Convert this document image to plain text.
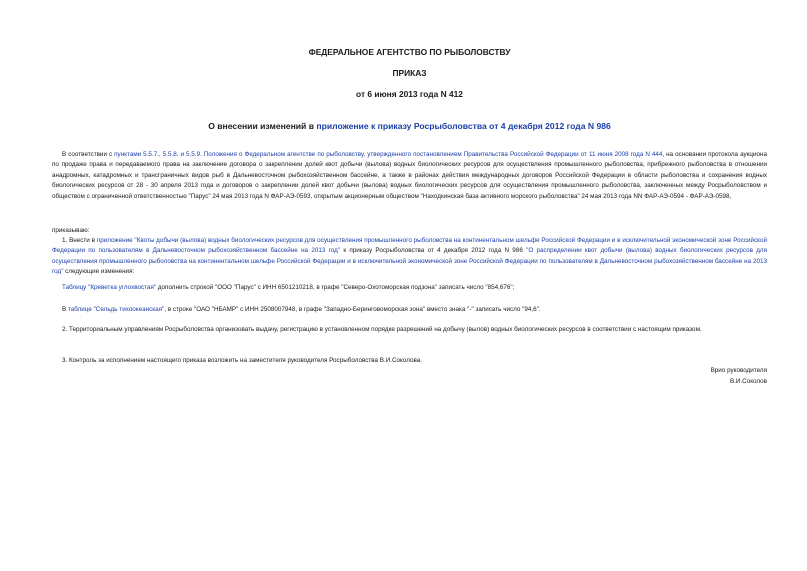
ФЕДЕРАЛЬНОЕ АГЕНТСТВО ПО РЫБОЛОВСТВУ

ПРИКАЗ

от 6 июня 2013 года N 412

О внесении изменений в приложение к приказу Росрыболовства от 4 декабря 2012 года N 986

В соответствии с пунктами 5.5.7., 5.5.8. и 5.5.9. Положения о Федеральном агентстве по рыболовству, утвержденного постановлением Правительства Российской Федерации от 11 июня 2008 года N 444, на основании протокола аукциона по продаже права и передаваемого права на заключение договора о закреплении долей квот добычи (вылова) водных биологических ресурсов для осуществления промышленного рыболовства, прибрежного рыболовства в отношении анадромных, катадромных и трансграничных видов рыб в Дальневосточном рыбохозяйственном бассейне, а также в районах действия международных договоров Российской Федерации в области рыболовства и сохранения водных биологических ресурсов от 28 - 30 апреля 2013 года и договоров о закреплении долей квот добычи (вылова) водных биологических ресурсов для осуществления промышленного рыболовства, заключенных между Росрыболовством и обществом с ограниченной ответственностью "Парус" 24 мая 2013 года N ФАР-АЭ-0593, открытым акционерным обществом "Находкинская база активного морского рыболовства" 24 мая 2013 года NN ФАР-АЭ-0594 - ФАР-АЭ-0598,

приказываю:

1. Внести в приложение "Квоты добычи (вылова) водных биологических ресурсов для осуществления промышленного рыболовства на континентальном шельфе Российской Федерации и в исключительной экономической зоне Российской Федерации по пользователям в Дальневосточном рыбохозяйственном бассейне на 2013 год" к приказу Росрыболовства от 4 декабря 2012 года N 986 "О распределении квот добычи (вылова) водных биологических ресурсов для осуществления промышленного рыболовства на континентальном шельфе Российской Федерации и в исключительной экономической зоне Российской Федерации по пользователям в Дальневосточном рыбохозяйственном бассейне на 2013 год" следующие изменения:

Таблицу "Креветка углохвостая" дополнить строкой "ООО "Парус" с ИНН 6501210218, в графе "Северо-Охотоморская подзона" записать число "854,676";

В таблице "Сельдь тихоокеанская", в строке "ОАО "НБАМР" с ИНН 2508007948, в графе "Западно-Беринговоморская зона" вместо знака "-" записать число "94,6".

2. Территориальным управлениям Росрыболовства организовать выдачу, регистрацию в установленном порядке разрешений на добычу (вылов) водных биологических ресурсов в соответствии с настоящим приказом.

3. Контроль за исполнением настоящего приказа возложить на заместителя руководителя Росрыболовства В.И.Соколова.

Врио руководителя
В.И.Соколов
